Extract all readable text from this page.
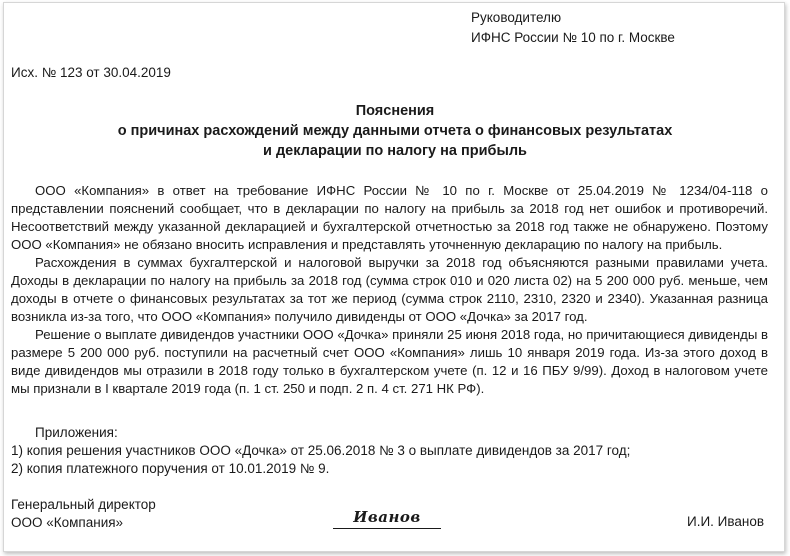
Руководителю
ИФНС России № 10 по г. Москве
Исх. № 123 от 30.04.2019
Пояснения
о причинах расхождений между данными отчета о финансовых результатах
и декларации по налогу на прибыль

ООО «Компания» в ответ на требование ИФНС России № 10 по г. Москве от 25.04.2019 № 1234/04-118 о представлении пояснений сообщает, что в декларации по налогу на прибыль за 2018 год нет ошибок и противоречий. Несоответствий между указанной декларацией и бухгалтерской отчетностью за 2018 год также не обнаружено. Поэтому ООО «Компания» не обязано вносить исправления и представлять уточненную декларацию по налогу на прибыль.

Расхождения в суммах бухгалтерской и налоговой выручки за 2018 год объясняются разными правилами учета. Доходы в декларации по налогу на прибыль за 2018 год (сумма строк 010 и 020 листа 02) на 5 200 000 руб. меньше, чем доходы в отчете о финансовых результатах за тот же период (сумма строк 2110, 2310, 2320 и 2340). Указанная разница возникла из-за того, что ООО «Компания» получило дивиденды от ООО «Дочка» за 2017 год.

Решение о выплате дивидендов участники ООО «Дочка» приняли 25 июня 2018 года, но причитающиеся дивиденды в размере 5 200 000 руб. поступили на расчетный счет ООО «Компания» лишь 10 января 2019 года. Из-за этого доход в виде дивидендов мы отразили в 2018 году только в бухгалтерском учете (п. 12 и 16 ПБУ 9/99). Доход в налоговом учете мы признали в I квартале 2019 года (п. 1 ст. 250 и подп. 2 п. 4 ст. 271 НК РФ).

Приложения:
1) копия решения участников ООО «Дочка» от 25.06.2018 № 3 о выплате дивидендов за 2017 год;
2) копия платежного поручения от 10.01.2019 № 9.
Генеральный директор
ООО «Компания»	Иванов	И.И. Иванов
